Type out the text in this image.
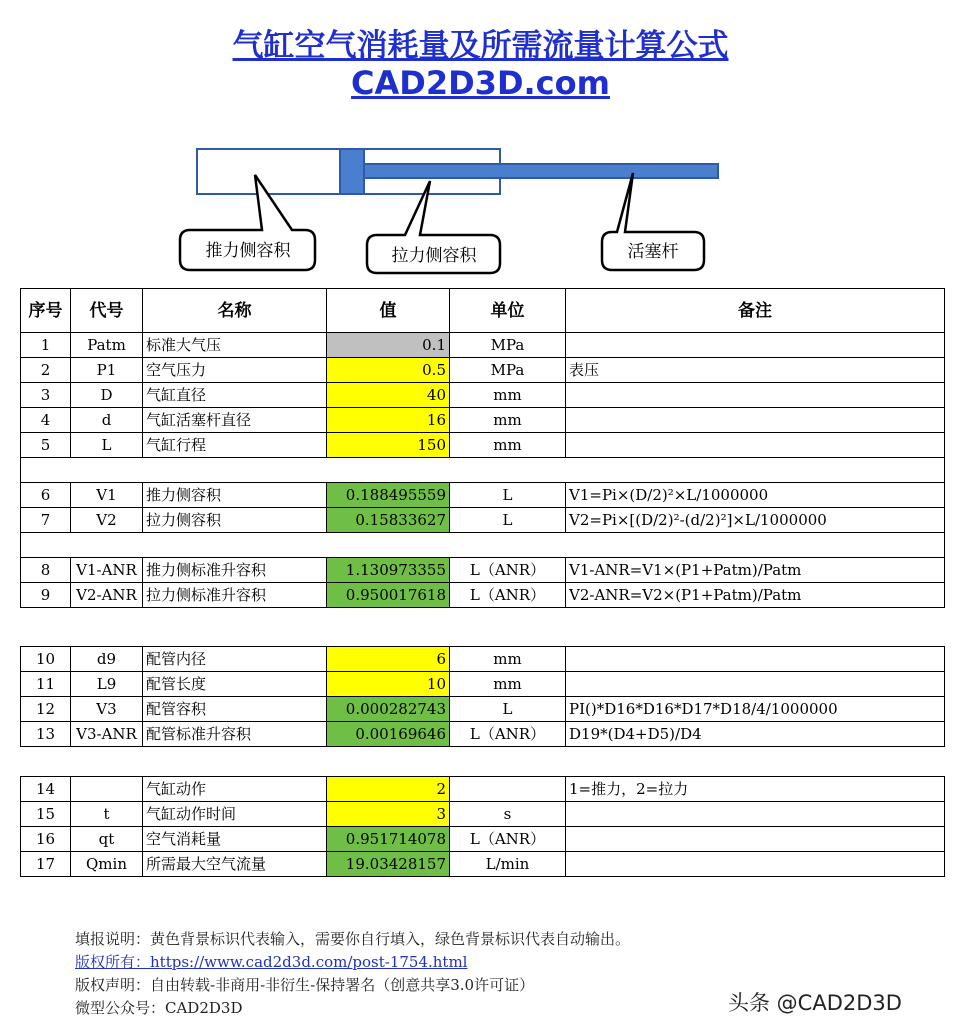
气缸空气消耗量及所需流量计算公式
CAD2D3D.com
推力侧容积	拉力侧容积	活塞杆
序号	代号	名称	值	单位	备注
1	Patm	标准大气压	0.1	MPa	
2	P1	空气压力	0.5	MPa	表压
3	D	气缸直径	40	mm	
4	d	气缸活塞杆直径	16	mm	
5	L	气缸行程	150	mm	

6	V1	推力侧容积	0.188495559	L	V1=Pi×(D/2)²×L/1000000
7	V2	拉力侧容积	0.15833627	L	V2=Pi×[(D/2)²-(d/2)²]×L/1000000

8	V1-ANR	推力侧标准升容积	1.130973355	L（ANR）	V1-ANR=V1×(P1+Patm)/Patm
9	V2-ANR	拉力侧标准升容积	0.950017618	L（ANR）	V2-ANR=V2×(P1+Patm)/Patm
10	d9	配管内径	6	mm	
11	L9	配管长度	10	mm	
12	V3	配管容积	0.000282743	L	PI()*D16*D16*D17*D18/4/1000000
13	V3-ANR	配管标准升容积	0.00169646	L（ANR）	D19*(D4+D5)/D4
14		气缸动作	2		1=推力，2=拉力
15	t	气缸动作时间	3	s	
16	qt	空气消耗量	0.951714078	L（ANR）	
17	Qmin	所需最大空气流量	19.03428157	L/min	
填报说明：黄色背景标识代表输入，需要你自行填入，绿色背景标识代表自动输出。
版权所有：https://www.cad2d3d.com/post-1754.html
版权声明：自由转载-非商用-非衍生-保持署名（创意共享3.0许可证）
微型公众号：CAD2D3D	头条 @CAD2D3D
